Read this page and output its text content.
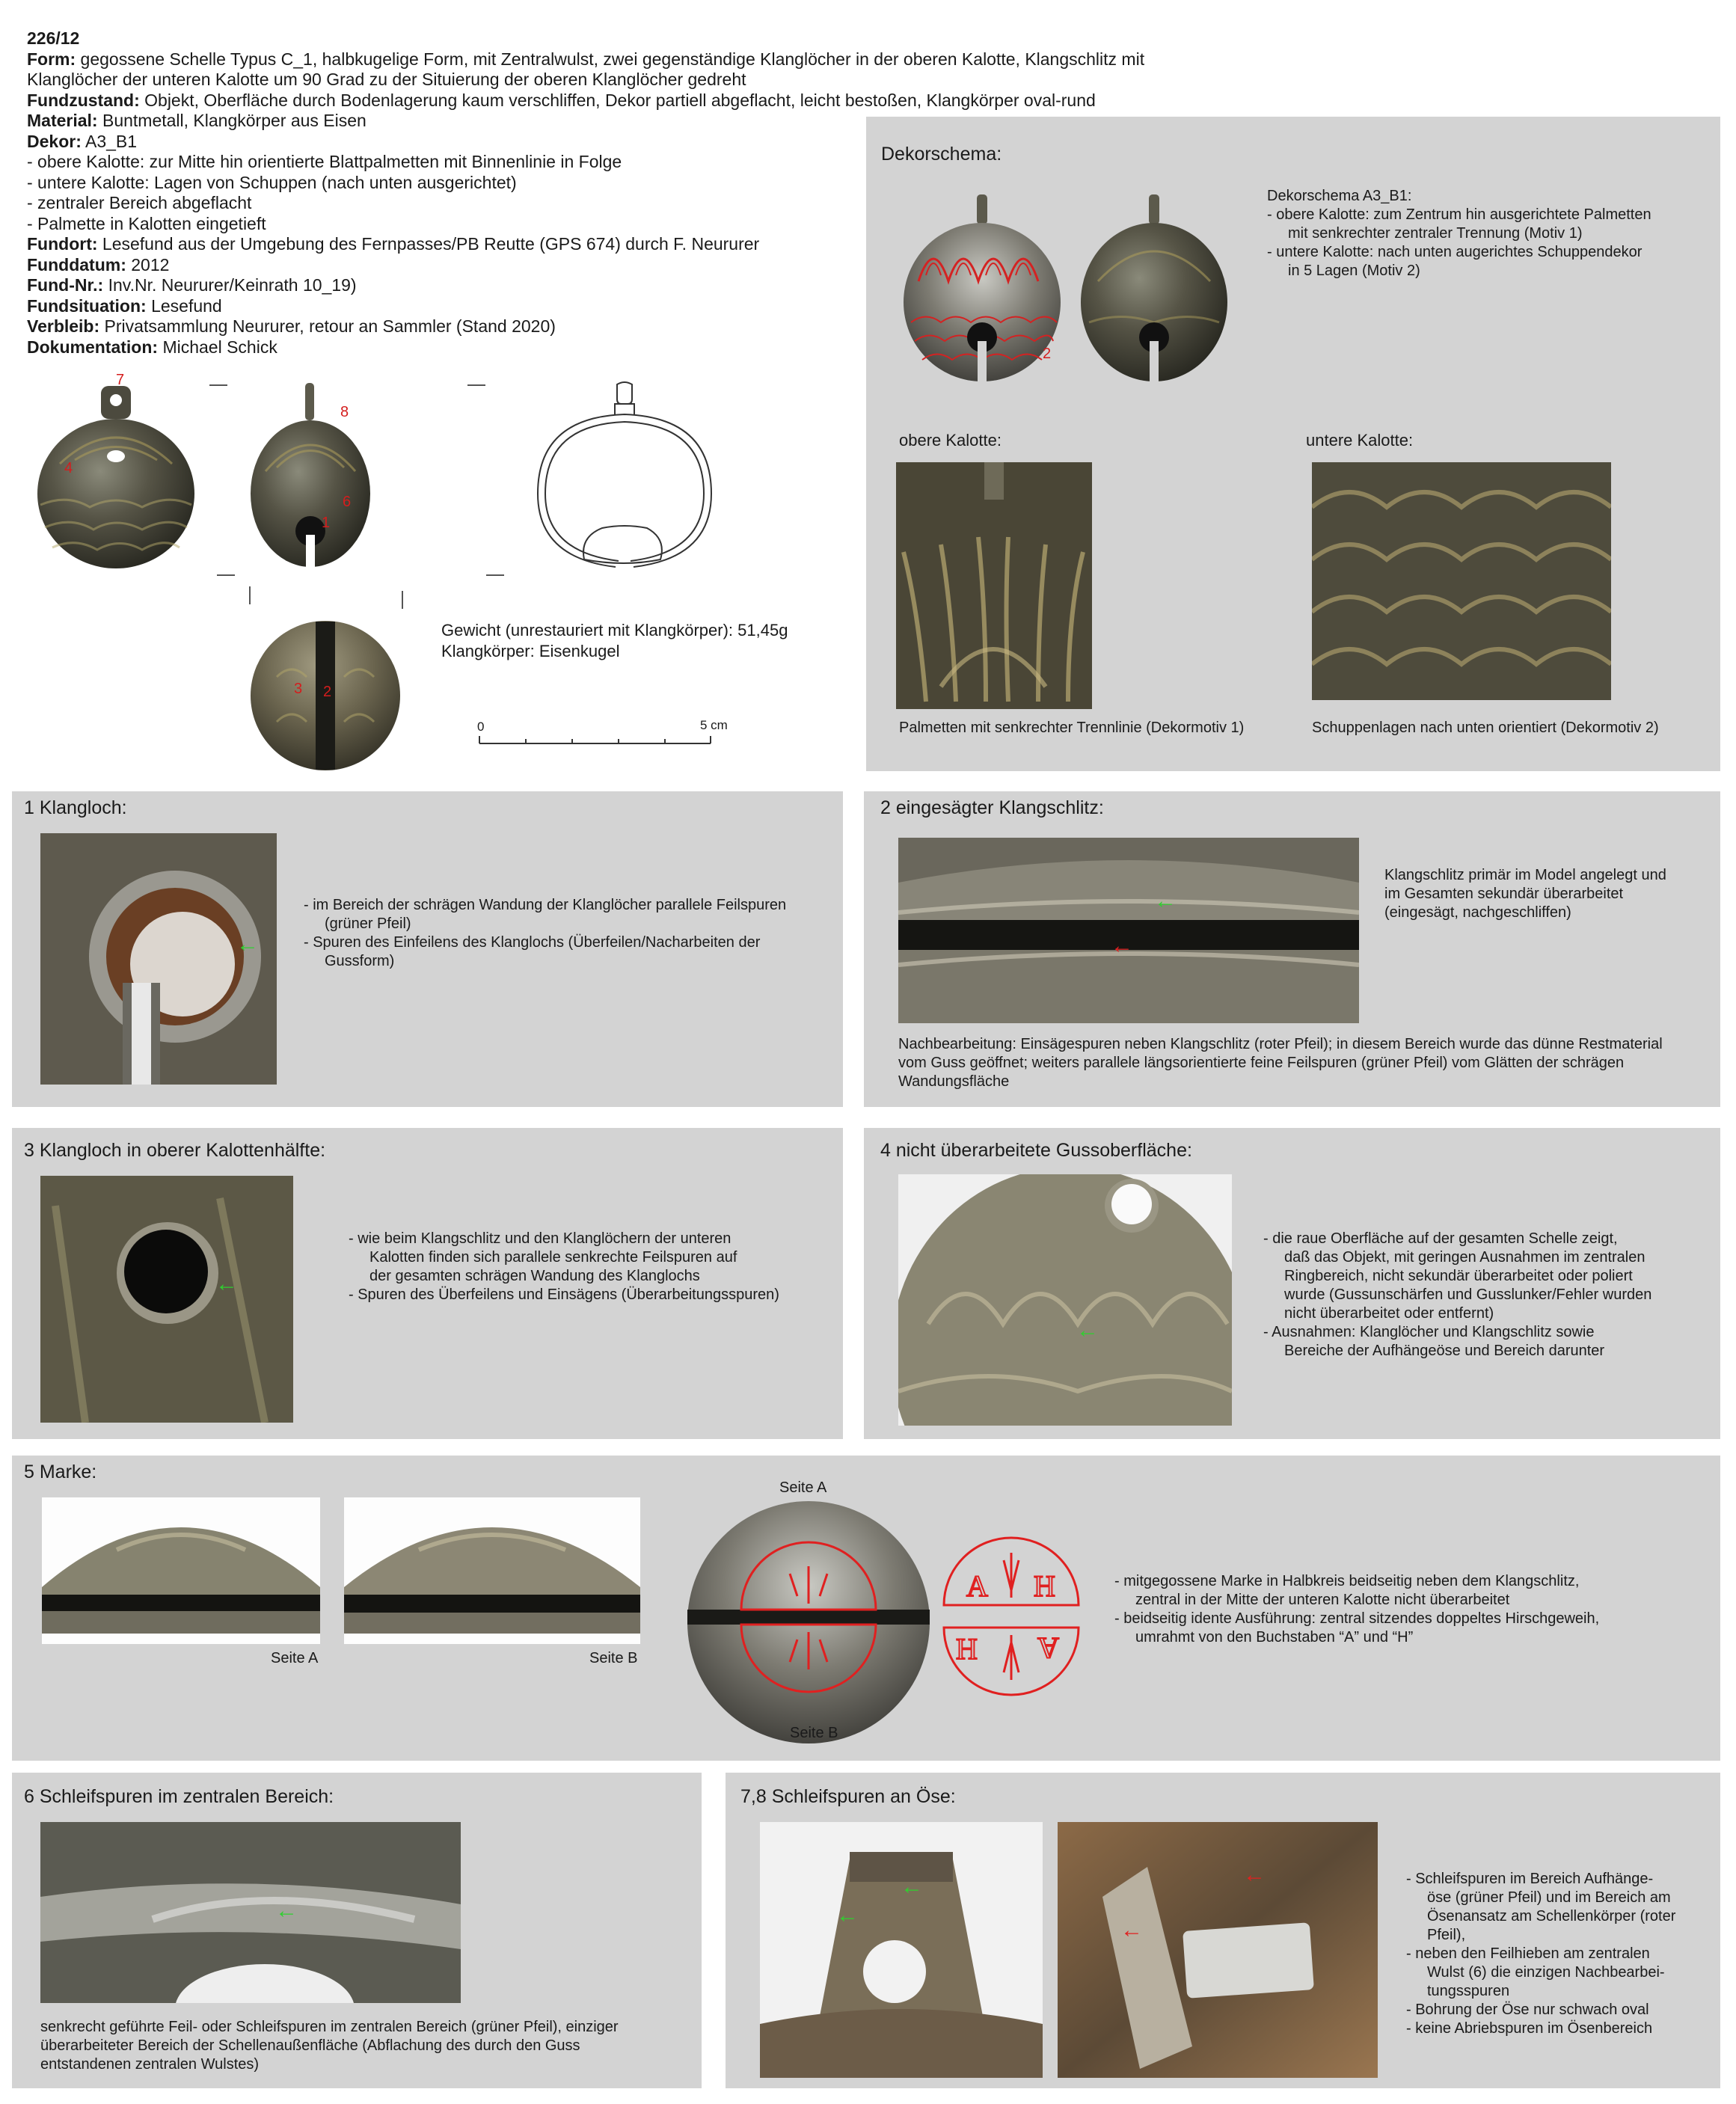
226/12
Form: gegossene Schelle Typus C_1, halbkugelige Form, mit Zentralwulst, zwei gegenständige Klanglöcher in der oberen Kalotte, Klangschlitz mit
Klanglöcher der unteren Kalotte um 90 Grad zu der Situierung der oberen Klanglöcher gedreht
Fundzustand: Objekt, Oberfläche durch Bodenlagerung kaum verschliffen, Dekor partiell abgeflacht, leicht bestoßen, Klangkörper oval-rund
Material: Buntmetall, Klangkörper aus Eisen
Dekor: A3_B1
- obere Kalotte: zur Mitte hin orientierte Blattpalmetten mit Binnenlinie in Folge
- untere Kalotte: Lagen von Schuppen (nach unten ausgerichtet)
- zentraler Bereich abgeflacht
- Palmette in Kalotten eingetieft
Fundort: Lesefund aus der Umgebung des Fernpasses/PB Reutte (GPS 674) durch F. Neururer
Funddatum: 2012
Fund-Nr.: Inv.Nr. Neururer/Keinrath 10_19)
Fundsituation: Lesefund
Verbleib: Privatsammlung Neururer, retour an Sammler (Stand 2020)
Dokumentation: Michael Schick
7
4
8
6
1
3 2
Gewicht (unrestauriert mit Klangkörper): 51,45g
Klangkörper: Eisenkugel
0	5 cm
Dekorschema:
2
Dekorschema A3_B1:
- obere Kalotte: zum Zentrum hin ausgerichtete Palmetten
mit senkrechter zentraler Trennung (Motiv 1)
- untere Kalotte: nach unten augerichtes Schuppendekor
in 5 Lagen (Motiv 2)
obere Kalotte:	untere Kalotte:
Palmetten mit senkrechter Trennlinie (Dekormotiv 1)	Schuppenlagen nach unten orientiert (Dekormotiv 2)
1 Klangloch:
←
- im Bereich der schrägen Wandung der Klanglöcher parallele Feilspuren
(grüner Pfeil)
- Spuren des Einfeilens des Klanglochs (Überfeilen/Nacharbeiten der
Gussform)
2 eingesägter Klangschlitz:
←
←
Klangschlitz primär im Model angelegt und
im Gesamten sekundär überarbeitet
(eingesägt, nachgeschliffen)
Nachbearbeitung: Einsägespuren neben Klangschlitz (roter Pfeil); in diesem Bereich wurde das dünne Restmaterial
vom Guss geöffnet; weiters parallele längsorientierte feine Feilspuren (grüner Pfeil) vom Glätten der schrägen
Wandungsfläche
3 Klangloch in oberer Kalottenhälfte:
←
- wie beim Klangschlitz und den Klanglöchern der unteren
Kalotten finden sich parallele senkrechte Feilspuren auf
der gesamten schrägen Wandung des Klanglochs
- Spuren des Überfeilens und Einsägens (Überarbeitungsspuren)
4 nicht überarbeitete Gussoberfläche:
←
- die raue Oberfläche auf der gesamten Schelle zeigt,
daß das Objekt, mit geringen Ausnahmen im zentralen
Ringbereich, nicht sekundär überarbeitet oder poliert
wurde (Gussunschärfen und Gusslunker/Fehler wurden
nicht überarbeitet oder entfernt)
- Ausnahmen: Klanglöcher und Klangschlitz sowie
Bereiche der Aufhängeöse und Bereich darunter
5 Marke:
Seite A	Seite B
Seite A
Seite B
A H
H A
- mitgegossene Marke in Halbkreis beidseitig neben dem Klangschlitz,
zentral in der Mitte der unteren Kalotte nicht überarbeitet
- beidseitig idente Ausführung: zentral sitzendes doppeltes Hirschgeweih,
umrahmt von den Buchstaben “A” und “H”
6 Schleifspuren im zentralen Bereich:
←
senkrecht geführte Feil- oder Schleifspuren im zentralen Bereich (grüner Pfeil), einziger
überarbeiteter Bereich der Schellenaußenfläche (Abflachung des durch den Guss
entstandenen zentralen Wulstes)
7,8 Schleifspuren an Öse:
←
←
←
←
- Schleifspuren im Bereich Aufhänge-
öse (grüner Pfeil) und im Bereich am
Ösenansatz am Schellenkörper (roter
Pfeil),
- neben den Feilhieben am zentralen
Wulst (6) die einzigen Nachbearbei-
tungsspuren
- Bohrung der Öse nur schwach oval
- keine Abriebspuren im Ösenbereich
